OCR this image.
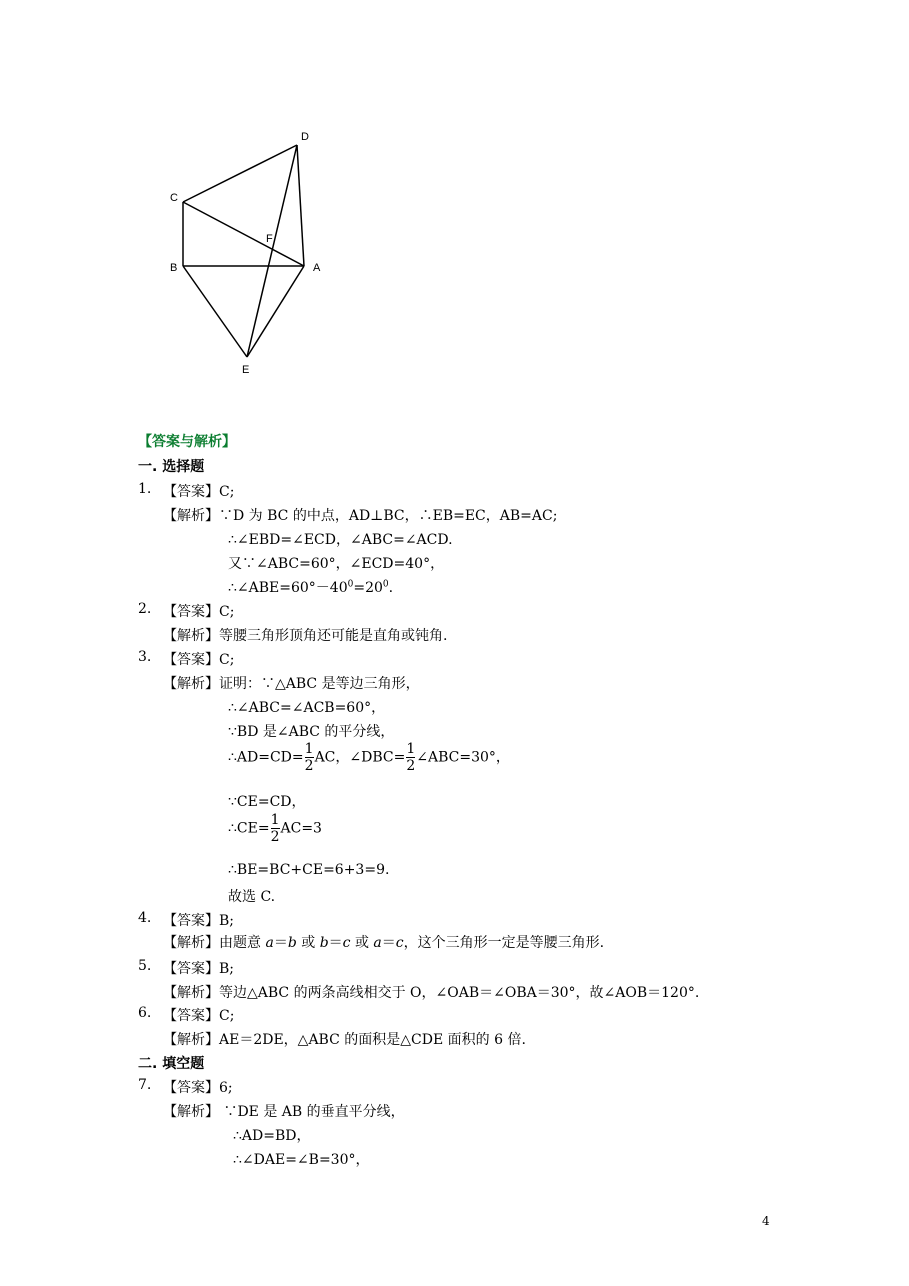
D
C
F
B	A
E
【答案与解析】
一. 选择题
1. 【答案】C;
【解析】∵D 为 BC 的中点，AD⊥BC，∴EB=EC，AB=AC;
∴∠EBD=∠ECD，∠ABC=∠ACD.
又∵∠ABC=60°，∠ECD=40°，
$\therefore\angle ABE=60^\circ-40^0=20^0$.
2. 【答案】C;
【解析】等腰三角形顶角还可能是直角或钝角.
3. 【答案】C;
【解析】证明：∵△ABC 是等边三角形，
∴∠ABC=∠ACB=60°，
∵BD 是∠ABC 的平分线，
∴AD=CD= $\frac{1}{2}$ AC，∠DBC= $\frac{1}{2}$ ∠ABC=30°，
∵CE=CD，
∴CE= $\frac{1}{2} AC=3$
∴BE=BC+CE=6+3=9.
故选 C.
4. 【答案】B;
【解析】由题意 a＝b 或 b＝c 或 a＝c，这个三角形一定是等腰三角形.
5. 【答案】B;
【解析】等边△ABC 的两条高线相交于 O，∠OAB＝∠OBA＝30°，故∠AOB＝120°.
6. 【答案】C;
【解析】AE＝2DE，△ABC 的面积是△CDE 面积的 6 倍.
二. 填空题
7. 【答案】6;
【解析】 ∵DE 是 AB 的垂直平分线，
∴AD=BD，
∴∠DAE=∠B=30°，
4
